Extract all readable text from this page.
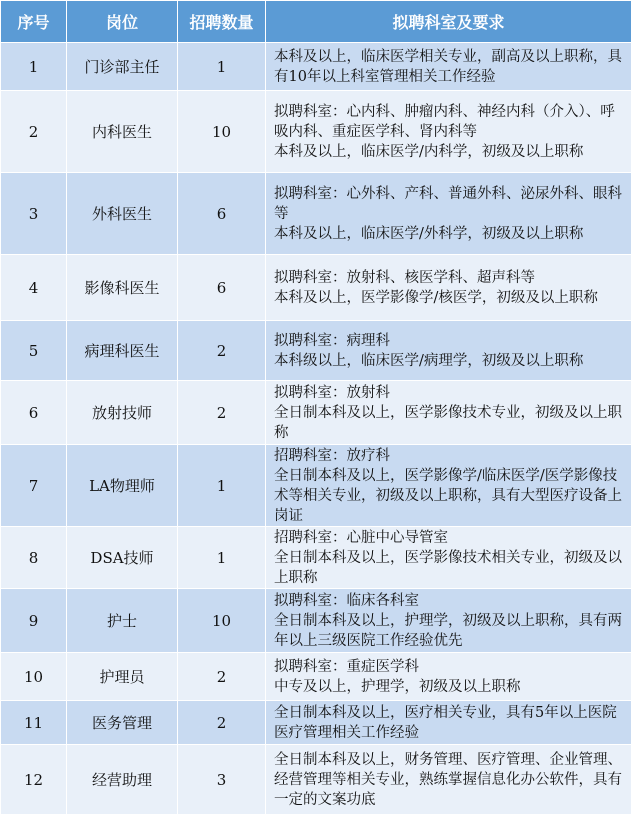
序号	岗位	招聘数量	拟聘科室及要求
1	门诊部主任	1	本科及以上，临床医学相关专业，副高及以上职称，具有10年以上科室管理相关工作经验
2	内科医生	10	拟聘科室：心内科、肿瘤内科、神经内科（介入）、呼吸内科、重症医学科、肾内科等
本科及以上，临床医学/内科学，初级及以上职称
3	外科医生	6	拟聘科室：心外科、产科、普通外科、泌尿外科、眼科等
本科及以上，临床医学/外科学，初级及以上职称
4	影像科医生	6	拟聘科室：放射科、核医学科、超声科等
本科及以上，医学影像学/核医学，初级及以上职称
5	病理科医生	2	拟聘科室：病理科
本科级以上，临床医学/病理学，初级及以上职称
6	放射技师	2	拟聘科室：放射科
全日制本科及以上，医学影像技术专业，初级及以上职称
7	LA物理师	1	招聘科室：放疗科
全日制本科及以上，医学影像学/临床医学/医学影像技术等相关专业，初级及以上职称，具有大型医疗设备上岗证
8	DSA技师	1	招聘科室：心脏中心导管室
全日制本科及以上，医学影像技术相关专业，初级及以上职称
9	护士	10	拟聘科室：临床各科室
全日制本科及以上，护理学，初级及以上职称，具有两年以上三级医院工作经验优先
10	护理员	2	拟聘科室：重症医学科
中专及以上，护理学，初级及以上职称
11	医务管理	2	全日制本科及以上，医疗相关专业，具有5年以上医院医疗管理相关工作经验
12	经营助理	3	全日制本科及以上，财务管理、医疗管理、企业管理、经营管理等相关专业，熟练掌握信息化办公软件，具有一定的文案功底
